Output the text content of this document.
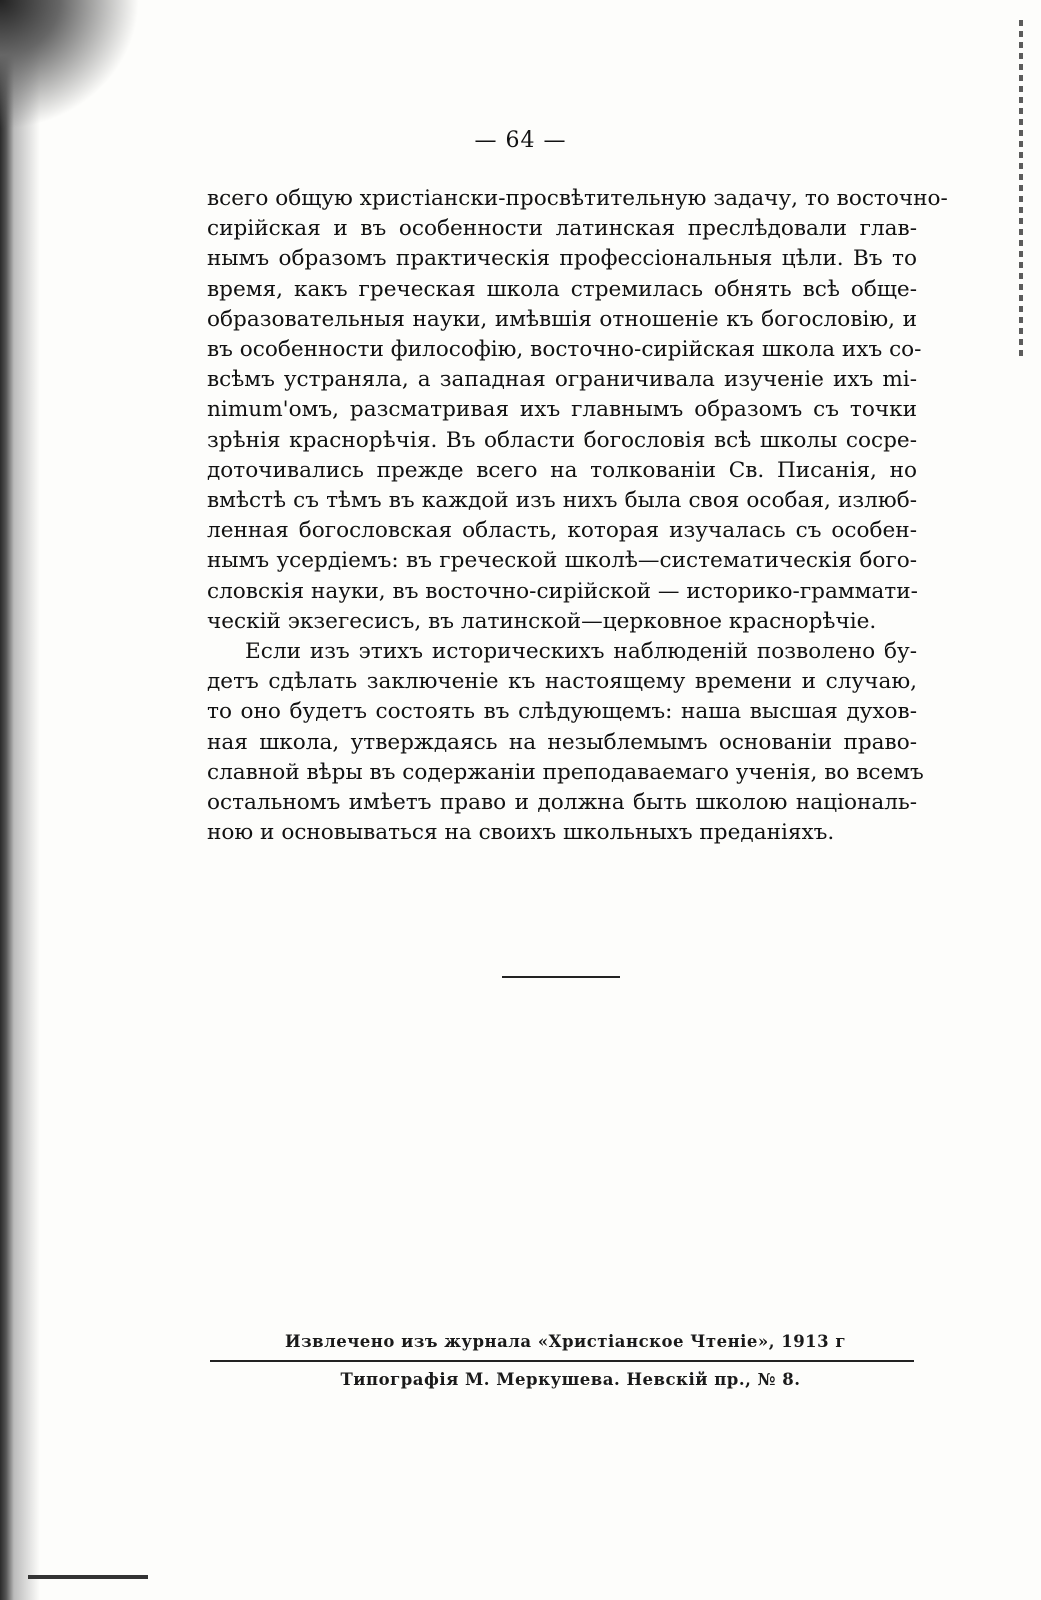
— 64 —
всего общую христіански-просвѣтительную задачу, то восточно-
сирійская и въ особенности латинская преслѣдовали глав-
нымъ образомъ практическія профессіональныя цѣли. Въ то
время, какъ греческая школа стремилась обнять всѣ обще-
образовательныя науки, имѣвшія отношеніе къ богословію, и
въ особенности философію, восточно-сирійская школа ихъ со-
всѣмъ устраняла, а западная ограничивала изученіе ихъ mi-
nimum'омъ, разсматривая ихъ главнымъ образомъ съ точки
зрѣнія краснорѣчія. Въ области богословія всѣ школы сосре-
доточивались прежде всего на толкованіи Св. Писанія, но
вмѣстѣ съ тѣмъ въ каждой изъ нихъ была своя особая, излюб-
ленная богословская область, которая изучалась съ особен-
нымъ усердіемъ: въ греческой школѣ—систематическія бого-
словскія науки, въ восточно-сирійской — историко-граммати-
ческій экзегесисъ, въ латинской—церковное краснорѣчіе.
Если изъ этихъ историческихъ наблюденій позволено бу-
детъ сдѣлать заключеніе къ настоящему времени и случаю,
то оно будетъ состоять въ слѣдующемъ: наша высшая духов-
ная школа, утверждаясь на незыблемымъ основаніи право-
славной вѣры въ содержаніи преподаваемаго ученія, во всемъ
остальномъ имѣетъ право и должна быть школою національ-
ною и основываться на своихъ школьныхъ преданіяхъ.
Извлечено изъ журнала «Христіанское Чтеніе», 1913 г
Типографія М. Меркушева. Невскій пр., № 8.
